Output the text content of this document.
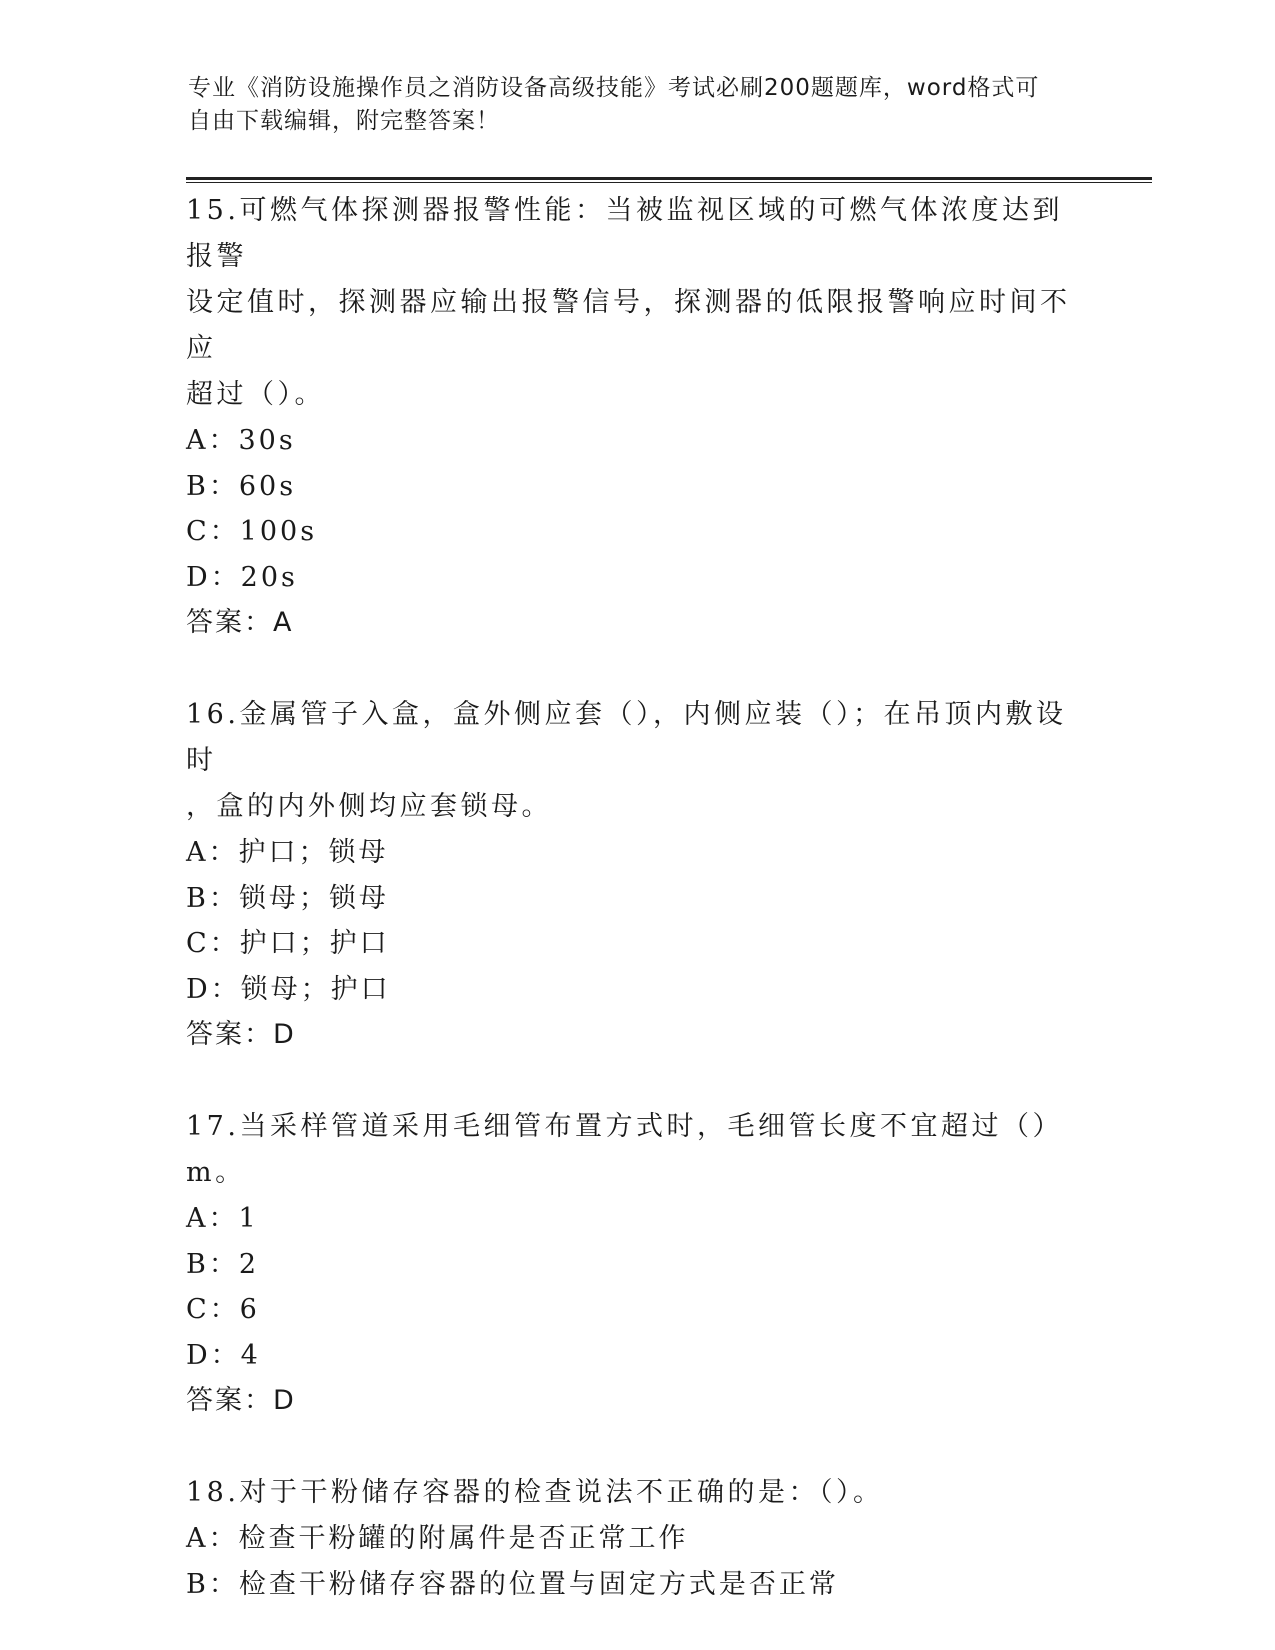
专业《消防设施操作员之消防设备高级技能》考试必刷200题题库，word格式可
自由下载编辑，附完整答案！

15.可燃气体探测器报警性能：当被监视区域的可燃气体浓度达到报警

设定值时，探测器应输出报警信号，探测器的低限报警响应时间不应

超过（）。

A：30s

B：60s

C：100s

D：20s

答案：A

16.金属管子入盒，盒外侧应套（），内侧应装（）；在吊顶内敷设时

，盒的内外侧均应套锁母。

A：护口；锁母

B：锁母；锁母

C：护口；护口

D：锁母；护口

答案：D

17.当采样管道采用毛细管布置方式时，毛细管长度不宜超过（）m。

A：1

B：2

C：6

D：4

答案：D

18.对于干粉储存容器的检查说法不正确的是：（）。

A：检查干粉罐的附属件是否正常工作

B：检查干粉储存容器的位置与固定方式是否正常
